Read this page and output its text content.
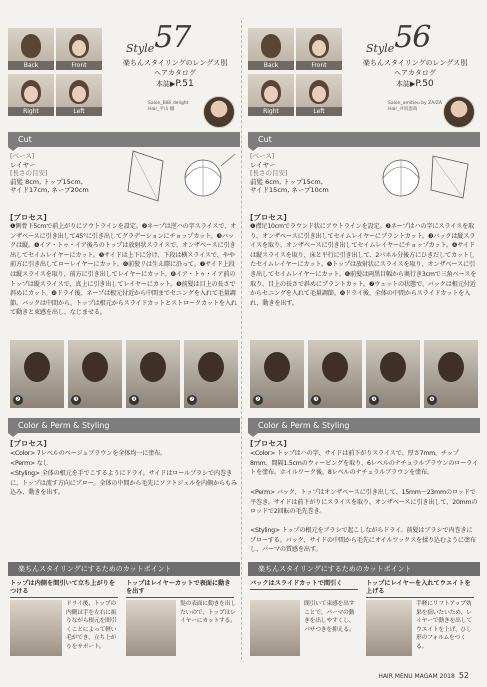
Back	Front
Right	Left
Style57
楽ちんスタイリングのレングス別ヘアカタログ
本誌▶P.51
Salon_BiBi delight
Hair_平山 棚
Cut
[ベース]
レイヤー
[長さの目安]
前髪 8cm, トップ15cm,
サイド17cm, ネープ20cm
[プロセス]
❶側骨下5cmで前上がりにアウトラインを設定。❷ネープは逆ハの字スライスで、オンザベースに引き出して45°に引き出してグラデーションにチョップカット。❸バックは縦。❹イア・トゥ・イア後ろのトップは放射状スライスで、オンザベースに引き出してセイムレイヤーにカット。❺サイドは上下に分け、下段は横スライスで、やや前方に引き出してローレイヤーにカット。❻前髪リは生え際に沿って。❼サイド上段は縦スライスを取り、前方に引き出してレイヤーにカット。❽イア・トゥ・イア前のトップは縦スライスで、真上に引き出してレイヤーにカット。❾前髪は目上の長さで斜めにカット。❿ドライ後、ネープは根元付近から中間までセニングを入れて毛量調節。バックは中間から、トップは根元からスライドカットとストロークカットを入れて動きと束感を出し、なじませる。
❷	❸	❹	❼
Color & Perm & Styling
[プロセス]
<Color> 7レベルのベージュブラウンを全体均一に塗布。
<Perm> なし
<Styling> 全体の根元を手でこするようにドライ。サイドはロールブラシで内巻きに、トップは流す方向にブロー。全体の中間から毛先にソフトジェルを内側からもみ込み、動きを出す。
楽ちんスタイリングにするためのカットポイント
トップは内側を間引いて立ち上がりをつける
ドライ後、トップの内側は手を左右に振りながら根元を間引くことによって軽い毛ができ、立ち上がりをサポート。
トップはレイヤーカットで表面に動きを出す
髪の表面に動きを出したいので、トップはレイヤーにカットする。
Back	Front
Right	Left
Style56
楽ちんスタイリングのレングス別ヘアカタログ
本誌▶P.50
Salon_amitieu by ZA/ZA
Hair_井坂恵萌
Cut
[ベース]
レイヤー
[長さの目安]
前髪 6cm, トップ15cm,
サイド15cm, ネープ10cm
[プロセス]
❶襟足10cmでラウンド状にアウトラインを設定。❷ネープはハの字にスライスを取り、オンザベースに引き出してセイムレイヤーにブラントカット。❸バックは縦スライスを取り、オンザベースに引き出してセイムレイヤーにチョップカット。❹サイドは縦スライスを取り、床と平行に引き出して、2パネル分後方にひきだしてカットしたセイムレイヤーにカット。❺トップは放射状にスライスを取り、オンザベースに引き出してセイムレイヤーにカット。❻前髪は両黒目幅から奥行き3cmで三角ベースを取り、目上の長さで斜めにブラントカット。❼ウェットの状態で、バックは根元付近からセニングを入れて毛量調節。❽ドライ後、全体の中間からスライドカットを入れ、動きを出す。
❷	❸	❹	❻
Color & Perm & Styling
[プロセス]
<Color> トップはハの字、サイドは前下がりスライスで、厚さ7mm、チップ8mm、間隔1.5cmのウィービングを取り、6レベルのナチュラルブラウンのローライトを塗布。ホイルワーク後、8レベルのナチュラルブラウンを塗布。
<Perm> バック、トップはオンザベースに引き出して、15mm〜23mmのロッドで平巻き。サイドは前下がりにスライスを取り、オンザベースに引き出して、20mmのロッドで2回転の毛先巻き。
<Styling> トップの根元をブラシで起こしながらドライ。前髪はブラシで内巻きにブローする。バック、サイドの中間から毛先にオイルワックスを揉り込むように塗布し、パーマの質感を出す。
楽ちんスタイリングにするためのカットポイント
バックはスライドカットで間引く
間引いて束感を出すことで、パーマの動きを出しやすくし、パサつきを抑える。
トップにレイヤーを入れてウエイトを上げる
手軽にリフトアップ効果を狙いたいため、レイヤーで動きを出してウエイトを上げ、ひし形のフォルムをつくる。
HAIR MENU MAGAM 2018 52
